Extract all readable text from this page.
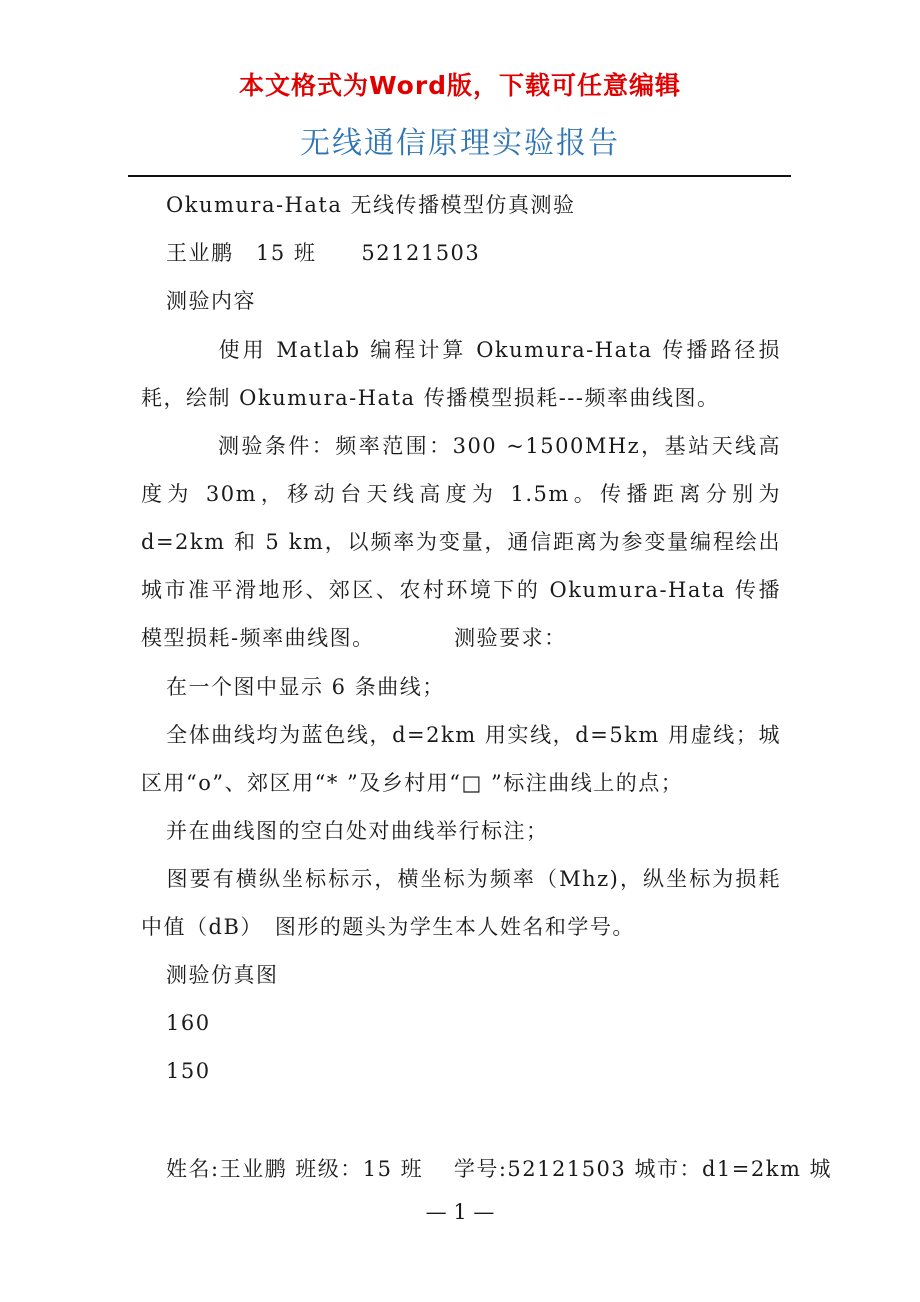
本文格式为Word版，下载可任意编辑
无线通信原理实验报告
Okumura-Hata 无线传播模型仿真测验
王业鹏　15 班　　52121503
测验内容
使用 Matlab 编程计算 Okumura-Hata 传播路径损耗，绘制 Okumura-Hata 传播模型损耗---频率曲线图。
测验条件：频率范围：300 ~1500MHz，基站天线高度为 30m，移动台天线高度为 1.5m。传播距离分别为 d=2km 和 5 km，以频率为变量，通信距离为参变量编程绘出城市准平滑地形、郊区、农村环境下的 Okumura-Hata 传播模型损耗-频率曲线图。　　　　测验要求：
在一个图中显示 6 条曲线；
全体曲线均为蓝色线，d=2km 用实线，d=5km 用虚线；城区用“o”、郊区用“* ”及乡村用“□ ”标注曲线上的点；
并在曲线图的空白处对曲线举行标注；
图要有横纵坐标标示，横坐标为频率（Mhz)，纵坐标为损耗中值（dB）　图形的题头为学生本人姓名和学号。
测验仿真图
160
150
姓名:王业鹏 班级：15 班　 学号:52121503 城市：d1=2km 城
— 1 —
